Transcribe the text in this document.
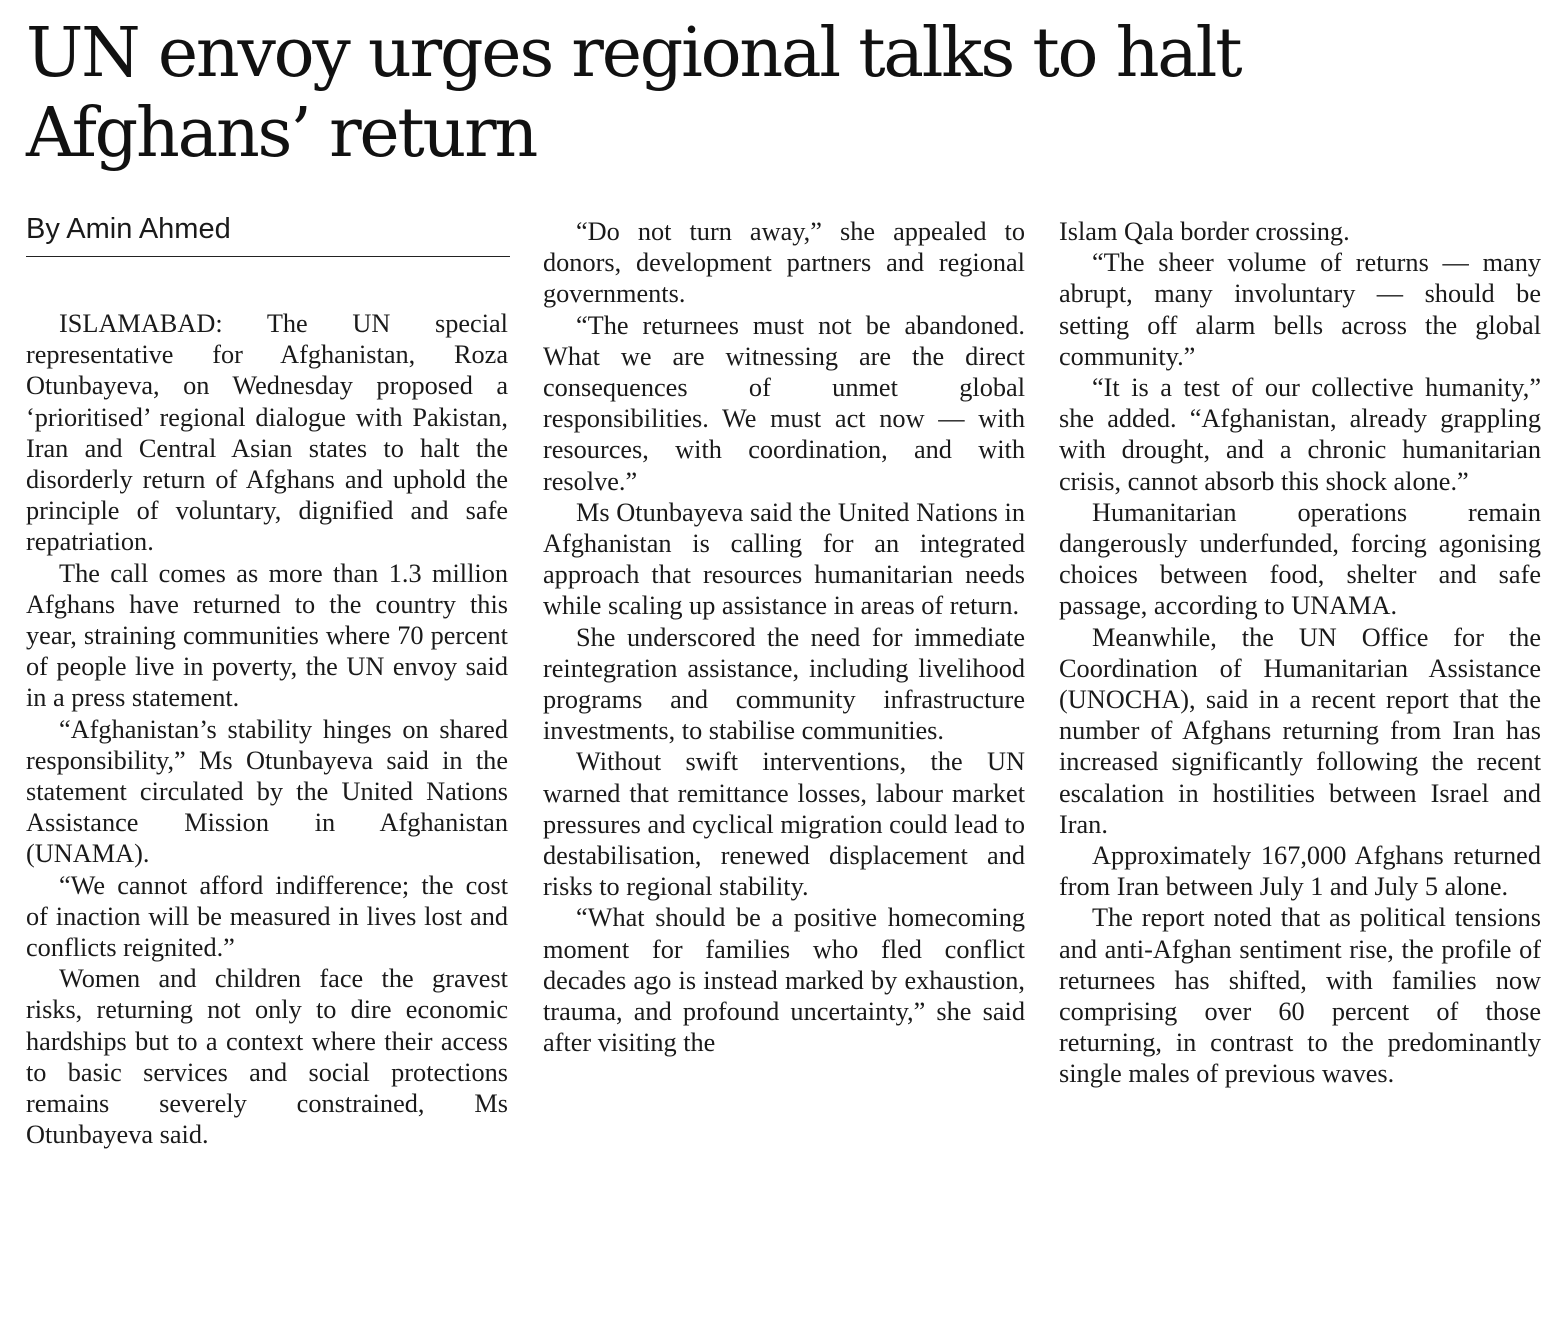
UN envoy urges regional talks to halt Afghans’ return
By Amin Ahmed

ISLAMABAD: The UN special representative for Afghanistan, Roza Otunbayeva, on Wednesday proposed a ‘prioritised’ regional dialogue with Pakistan, Iran and Central Asian states to halt the disorderly return of Afghans and uphold the principle of voluntary, dignified and safe repatriation.

The call comes as more than 1.3 million Afghans have returned to the country this year, straining communities where 70 percent of people live in poverty, the UN envoy said in a press statement.

“Afghanistan’s stability hinges on shared responsibility,” Ms Otunbayeva said in the statement circulated by the United Nations Assistance Mission in Afghanistan (UNAMA).

“We cannot afford indifference; the cost of inaction will be measured in lives lost and conflicts reignited.”

Women and children face the gravest risks, returning not only to dire economic hardships but to a context where their access to basic services and social protections remains severely constrained, Ms Otunbayeva said.

“Do not turn away,” she appealed to donors, development partners and regional governments.

“The returnees must not be abandoned. What we are witnessing are the direct consequences of unmet global responsibilities. We must act now — with resources, with coordination, and with resolve.”

Ms Otunbayeva said the United Nations in Afghanistan is calling for an integrated approach that resources humanitarian needs while scaling up assistance in areas of return.

She underscored the need for immediate reintegration assistance, including livelihood programs and community infrastructure investments, to stabilise communities.

Without swift interventions, the UN warned that remittance losses, labour market pressures and cyclical migration could lead to destabilisation, renewed displacement and risks to regional stability.

“What should be a positive homecoming moment for families who fled conflict decades ago is instead marked by exhaustion, trauma, and profound uncertainty,” she said after visiting the

Islam Qala border crossing.

“The sheer volume of returns — many abrupt, many involuntary — should be setting off alarm bells across the global community.”

“It is a test of our collective humanity,” she added. “Afghanistan, already grappling with drought, and a chronic humanitarian crisis, cannot absorb this shock alone.”

Humanitarian operations remain dangerously underfunded, forcing agonising choices between food, shelter and safe passage, according to UNAMA.

Meanwhile, the UN Office for the Coordination of Humanitarian Assistance (UNOCHA), said in a recent report that the number of Afghans returning from Iran has increased significantly following the recent escalation in hostilities between Israel and Iran.

Approximately 167,000 Afghans returned from Iran between July 1 and July 5 alone.

The report noted that as political tensions and anti-Afghan sentiment rise, the profile of returnees has shifted, with families now comprising over 60 percent of those returning, in contrast to the predominantly single males of previous waves.
